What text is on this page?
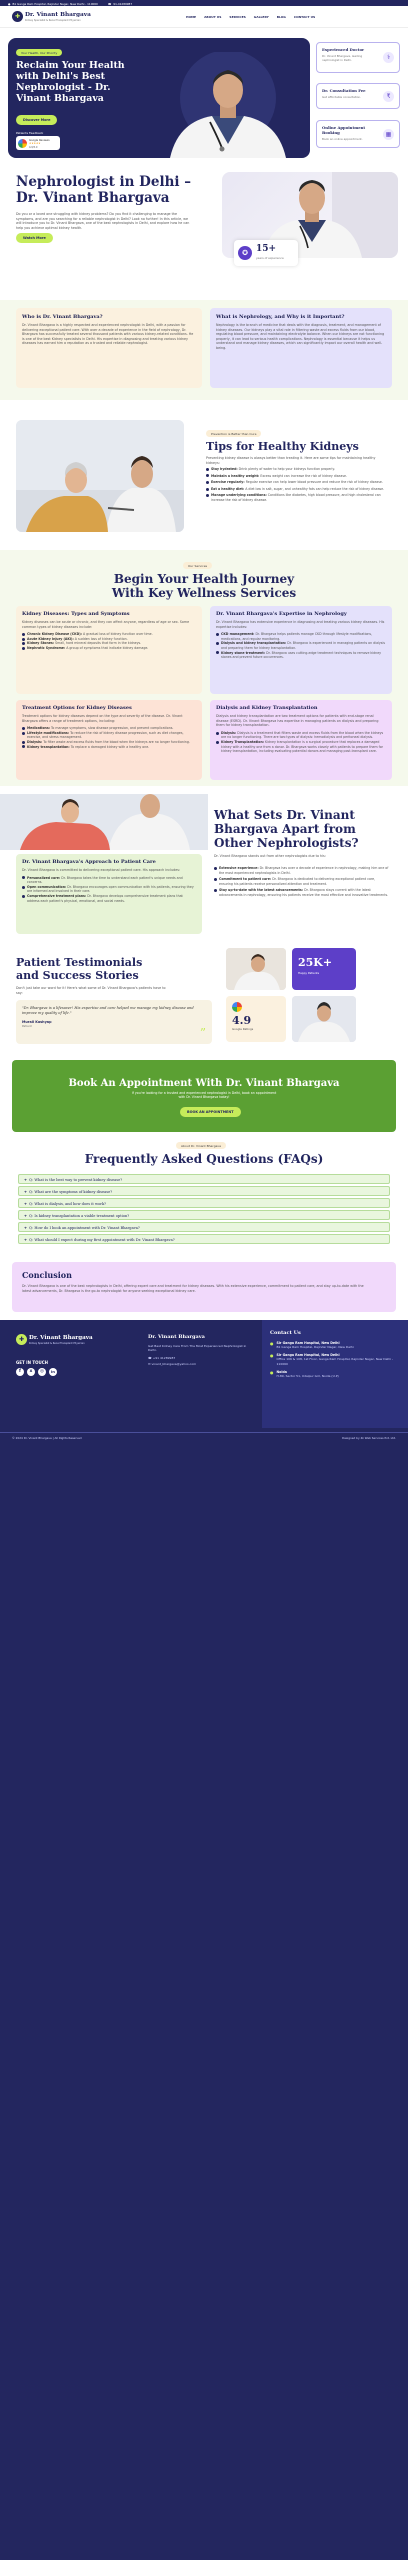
● B1 Ganga Ram Hospital, Rajinder Nagar, New Delhi - 110060	☎ 91-41289987
✚ Dr. Vinant Bhargava
Kidney Specialist & Renal Transplant Physician
HOME	ABOUT US	SERVICES	GALLERY	BLOG	CONTACT US
Your Health, Our Priority
Reclaim Your Health with Delhi's Best Nephrologist - Dr. Vinant Bhargava
Discover More
Patients Feedback
Google Reviews
★★★★★
4.9/5.0
Experienced Doctor
Dr. Vinant Bhargava, leading nephrologist in Delhi.	⚕
Dr. Consultation Fee
Get affordable consultation.	₹
Online Appointment Booking
Book an online appointment.
▦
Nephrologist in Delhi – Dr. Vinant Bhargava
Do you or a loved one struggling with kidney problems? Do you find it challenging to manage the symptoms, and are you searching for a reliable nephrologist in Delhi? Look no further! In this article, we will introduce you to Dr. Vinant Bhargava, one of the best nephrologists in Delhi, and explore how he can help you achieve optimal kidney health.
Watch More
✪ 15+
years of experience
Who is Dr. Vinant Bhargava?
Dr. Vinant Bhargava is a highly respected and experienced nephrologist in Delhi, with a passion for delivering exceptional patient care. With over a decade of experience in the field of nephrology, Dr. Bhargava has successfully treated several thousand patients with various kidney-related conditions. He is one of the best Kidney specialists in Delhi. His expertise in diagnosing and treating various kidney diseases has earned him a reputation as a trusted and reliable nephrologist.
What is Nephrology, and Why is it Important?
Nephrology is the branch of medicine that deals with the diagnosis, treatment, and management of kidney diseases. Our kidneys play a vital role in filtering waste and excess fluids from our blood, regulating blood pressure, and maintaining electrolyte balance. When our kidneys are not functioning properly, it can lead to serious health complications. Nephrology is essential because it helps us understand and manage kidney diseases, which can significantly impact our overall health and well-being.
Prevention is Better than Cure
Tips for Healthy Kidneys
Preventing kidney disease is always better than treating it. Here are some tips for maintaining healthy kidneys:
Stay hydrated: Drink plenty of water to help your kidneys function properly.
Maintain a healthy weight: Excess weight can increase the risk of kidney disease.
Exercise regularly: Regular exercise can help lower blood pressure and reduce the risk of kidney disease.
Eat a healthy diet: A diet low in salt, sugar, and unhealthy fats can help reduce the risk of kidney disease.
Manage underlying conditions: Conditions like diabetes, high blood pressure, and high cholesterol can increase the risk of kidney disease.
Our Services
Begin Your Health Journey With Key Wellness Services
Kidney Diseases: Types and Symptoms
Kidney diseases can be acute or chronic, and they can affect anyone, regardless of age or sex. Some common types of kidney diseases include:
Chronic Kidney Disease (CKD): A gradual loss of kidney function over time.
Acute Kidney Injury (AKI): A sudden loss of kidney function.
Kidney Stones: Small, hard mineral deposits that form in the kidneys.
Nephrotic Syndrome: A group of symptoms that indicate kidney damage.
Dr. Vinant Bhargava's Expertise in Nephrology
Dr. Vinant Bhargava has extensive experience in diagnosing and treating various kidney diseases. His expertise includes:
CKD management: Dr. Bhargava helps patients manage CKD through lifestyle modifications, medications, and regular monitoring.
Dialysis and kidney transplantation: Dr. Bhargava is experienced in managing patients on dialysis and preparing them for kidney transplantation.
Kidney stone treatment: Dr. Bhargava uses cutting-edge treatment techniques to remove kidney stones and prevent future occurrences.
Treatment Options for Kidney Diseases
Treatment options for kidney diseases depend on the type and severity of the disease. Dr. Vinant Bhargava offers a range of treatment options, including:
Medications: To manage symptoms, slow disease progression, and prevent complications.
Lifestyle modifications: To reduce the risk of kidney disease progression, such as diet changes, exercise, and stress management.
Dialysis: To filter waste and excess fluids from the blood when the kidneys are no longer functioning.
Kidney transplantation: To replace a damaged kidney with a healthy one.
Dialysis and Kidney Transplantation
Dialysis and kidney transplantation are two treatment options for patients with end-stage renal disease (ESRD). Dr. Vinant Bhargava has expertise in managing patients on dialysis and preparing them for kidney transplantation.
Dialysis: Dialysis is a treatment that filters waste and excess fluids from the blood when the kidneys are no longer functioning. There are two types of dialysis: hemodialysis and peritoneal dialysis.
Kidney Transplantation: Kidney transplantation is a surgical procedure that replaces a damaged kidney with a healthy one from a donor. Dr. Bhargava works closely with patients to prepare them for kidney transplantation, including evaluating potential donors and managing post-transplant care.
Dr. Vinant Bhargava's Approach to Patient Care
Dr. Vinant Bhargava is committed to delivering exceptional patient care. His approach includes:
Personalized care: Dr. Bhargava takes the time to understand each patient's unique needs and concerns.
Open communication: Dr. Bhargava encourages open communication with his patients, ensuring they are informed and involved in their care.
Comprehensive treatment plans: Dr. Bhargava develops comprehensive treatment plans that address each patient's physical, emotional, and social needs.
What Sets Dr. Vinant Bhargava Apart from Other Nephrologists?
Dr. Vinant Bhargava stands out from other nephrologists due to his:
Extensive experience: Dr. Bhargava has over a decade of experience in nephrology, making him one of the most experienced nephrologists in Delhi.
Commitment to patient care: Dr. Bhargava is dedicated to delivering exceptional patient care, ensuring his patients receive personalized attention and treatment.
Stay up-to-date with the latest advancements: Dr. Bhargava stays current with the latest advancements in nephrology, ensuring his patients receive the most effective and innovative treatments.
Patient Testimonials and Success Stories
Don't just take our word for it! Here's what some of Dr. Vinant Bhargava's patients have to say:
"Dr. Bhargava is a lifesaver! His expertise and care helped me manage my kidney disease and improve my quality of life."
Murali Kashyap
Patient	”
25K+
Happy Patients
4.9
Google Ratings
Book An Appointment With Dr. Vinant Bhargava
If you're looking for a trusted and experienced nephrologist in Delhi, book an appointment with Dr. Vinant Bhargava today!
BOOK AN APPOINTMENT
About Dr. Vinant Bhargava
Frequently Asked Questions (FAQs)
+ Q: What is the best way to prevent kidney disease?
+ Q: What are the symptoms of kidney disease?
+ Q: What is dialysis, and how does it work?
+ Q: Is kidney transplantation a viable treatment option?
+ Q: How do I book an appointment with Dr. Vinant Bhargava?
+ Q: What should I expect during my first appointment with Dr. Vinant Bhargava?
Conclusion
Dr. Vinant Bhargava is one of the best nephrologists in Delhi, offering expert care and treatment for kidney diseases. With his extensive experience, commitment to patient care, and stay up-to-date with the latest advancements, Dr. Bhargava is the go-to nephrologist for anyone seeking exceptional kidney care.
✚ Dr. Vinant Bhargava
Kidney Specialist & Renal Transplant Physician
GET IN TOUCH
f	x	◎	in
Dr. Vinant Bhargava
Get Best Kidney Care From The Most Experienced Nephrologist in Delhi.
☎ +91 41289987
✉ vinant_bhargava@yahoo.com
Contact Us
● Sir Ganga Ram Hospital, New Delhi
B1 Ganga Ram Hospital, Rajinder Nagar, New Delhi
● Sir Ganga Ram Hospital, New Delhi
Office 106 & 108, 1st Floor, Ganga Ram Hospital, Rajinder Nagar, New Delhi - 110060
● Noida
H-89, Sector 51, Udaipur Girl, Noida (U.P)
© 2024 Dr. Vinant Bhargava | All Rights Reserved	Designed by 4k Web Services Pvt. Ltd.
